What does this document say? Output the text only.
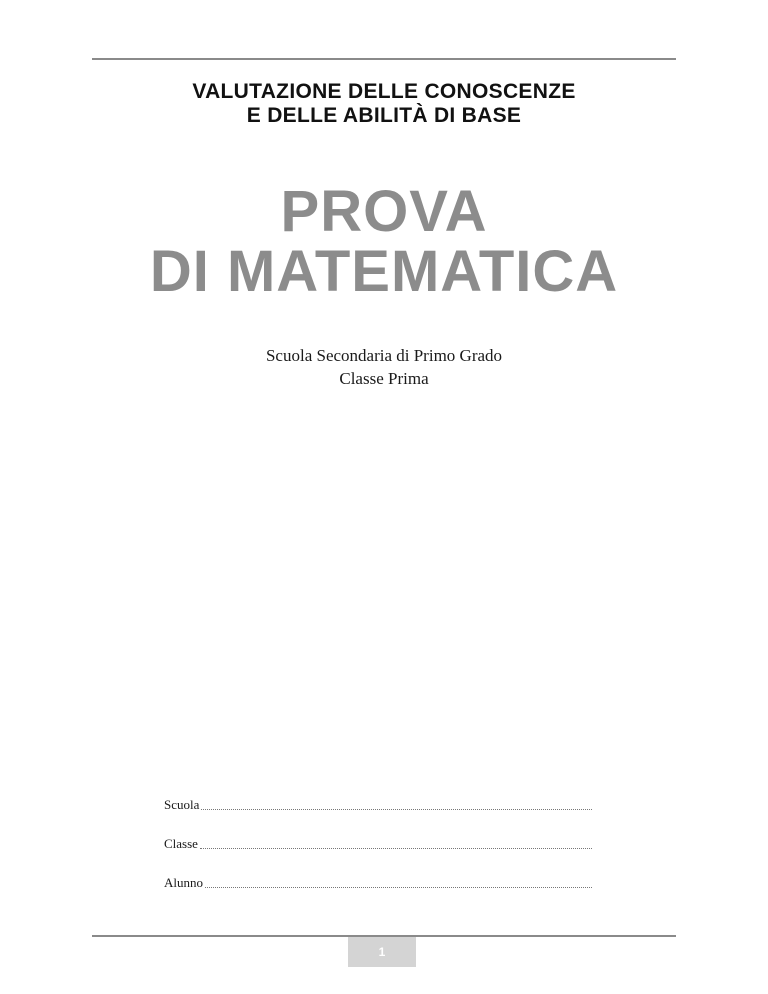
VALUTAZIONE DELLE CONOSCENZE
E DELLE ABILITÀ DI BASE
PROVA
DI MATEMATICA
Scuola Secondaria di Primo Grado
Classe Prima
Scuola
Classe
Alunno
1
